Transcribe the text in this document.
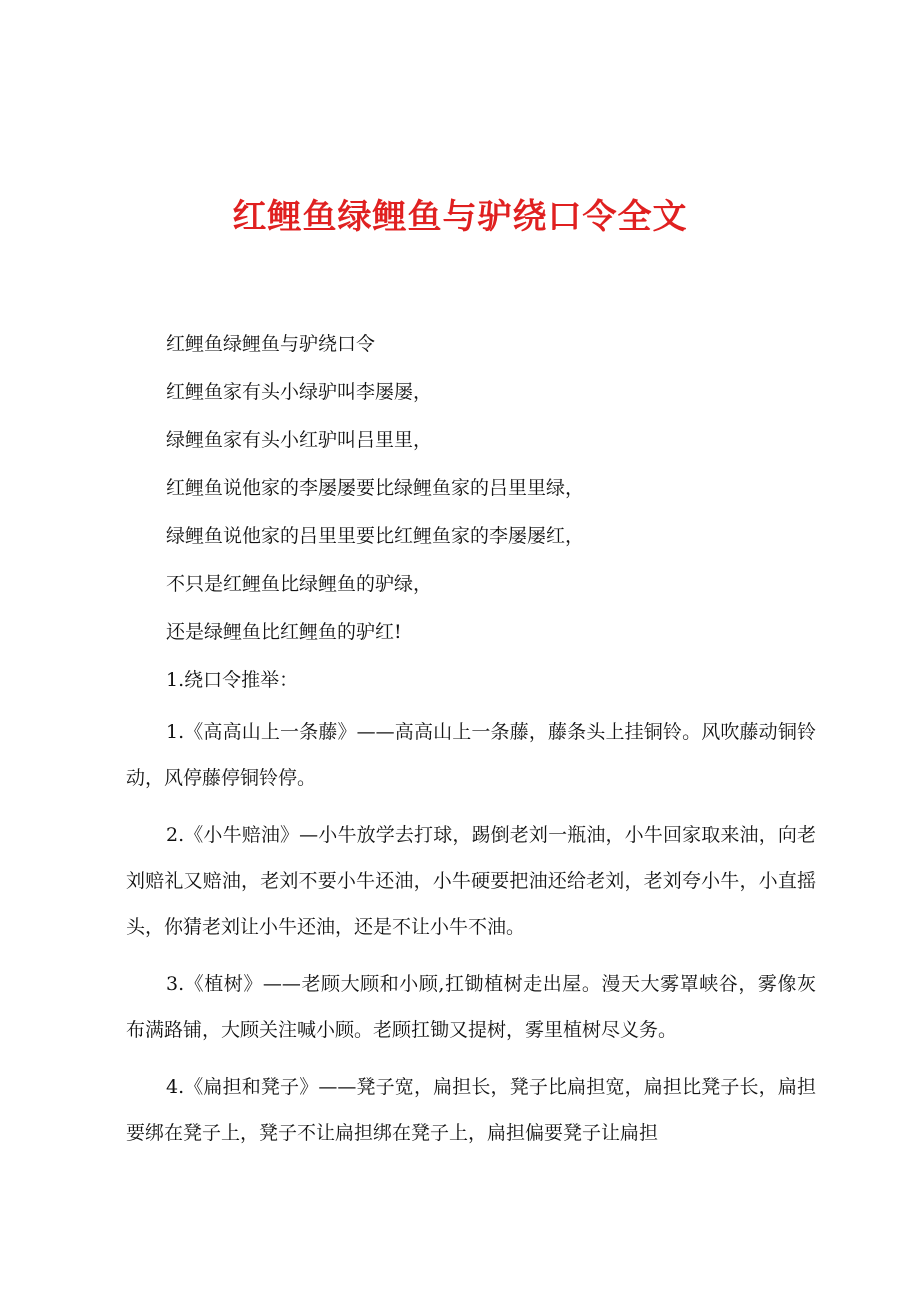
红鲤鱼绿鲤鱼与驴绕口令全文

红鲤鱼绿鲤鱼与驴绕口令

红鲤鱼家有头小绿驴叫李屡屡，

绿鲤鱼家有头小红驴叫吕里里，

红鲤鱼说他家的李屡屡要比绿鲤鱼家的吕里里绿，

绿鲤鱼说他家的吕里里要比红鲤鱼家的李屡屡红，

不只是红鲤鱼比绿鲤鱼的驴绿，

还是绿鲤鱼比红鲤鱼的驴红!

1.绕口令推举：

1.《高高山上一条藤》——高高山上一条藤，藤条头上挂铜铃。风吹藤动铜铃动，风停藤停铜铃停。

2.《小牛赔油》—小牛放学去打球，踢倒老刘一瓶油，小牛回家取来油，向老刘赔礼又赔油，老刘不要小牛还油，小牛硬要把油还给老刘，老刘夸小牛，小直摇头，你猜老刘让小牛还油，还是不让小牛不油。

3.《植树》——老顾大顾和小顾,扛锄植树走出屋。漫天大雾罩峡谷，雾像灰布满路铺，大顾关注喊小顾。老顾扛锄又提树，雾里植树尽义务。

4.《扁担和凳子》——凳子宽，扁担长，凳子比扁担宽，扁担比凳子长，扁担要绑在凳子上，凳子不让扁担绑在凳子上，扁担偏要凳子让扁担
